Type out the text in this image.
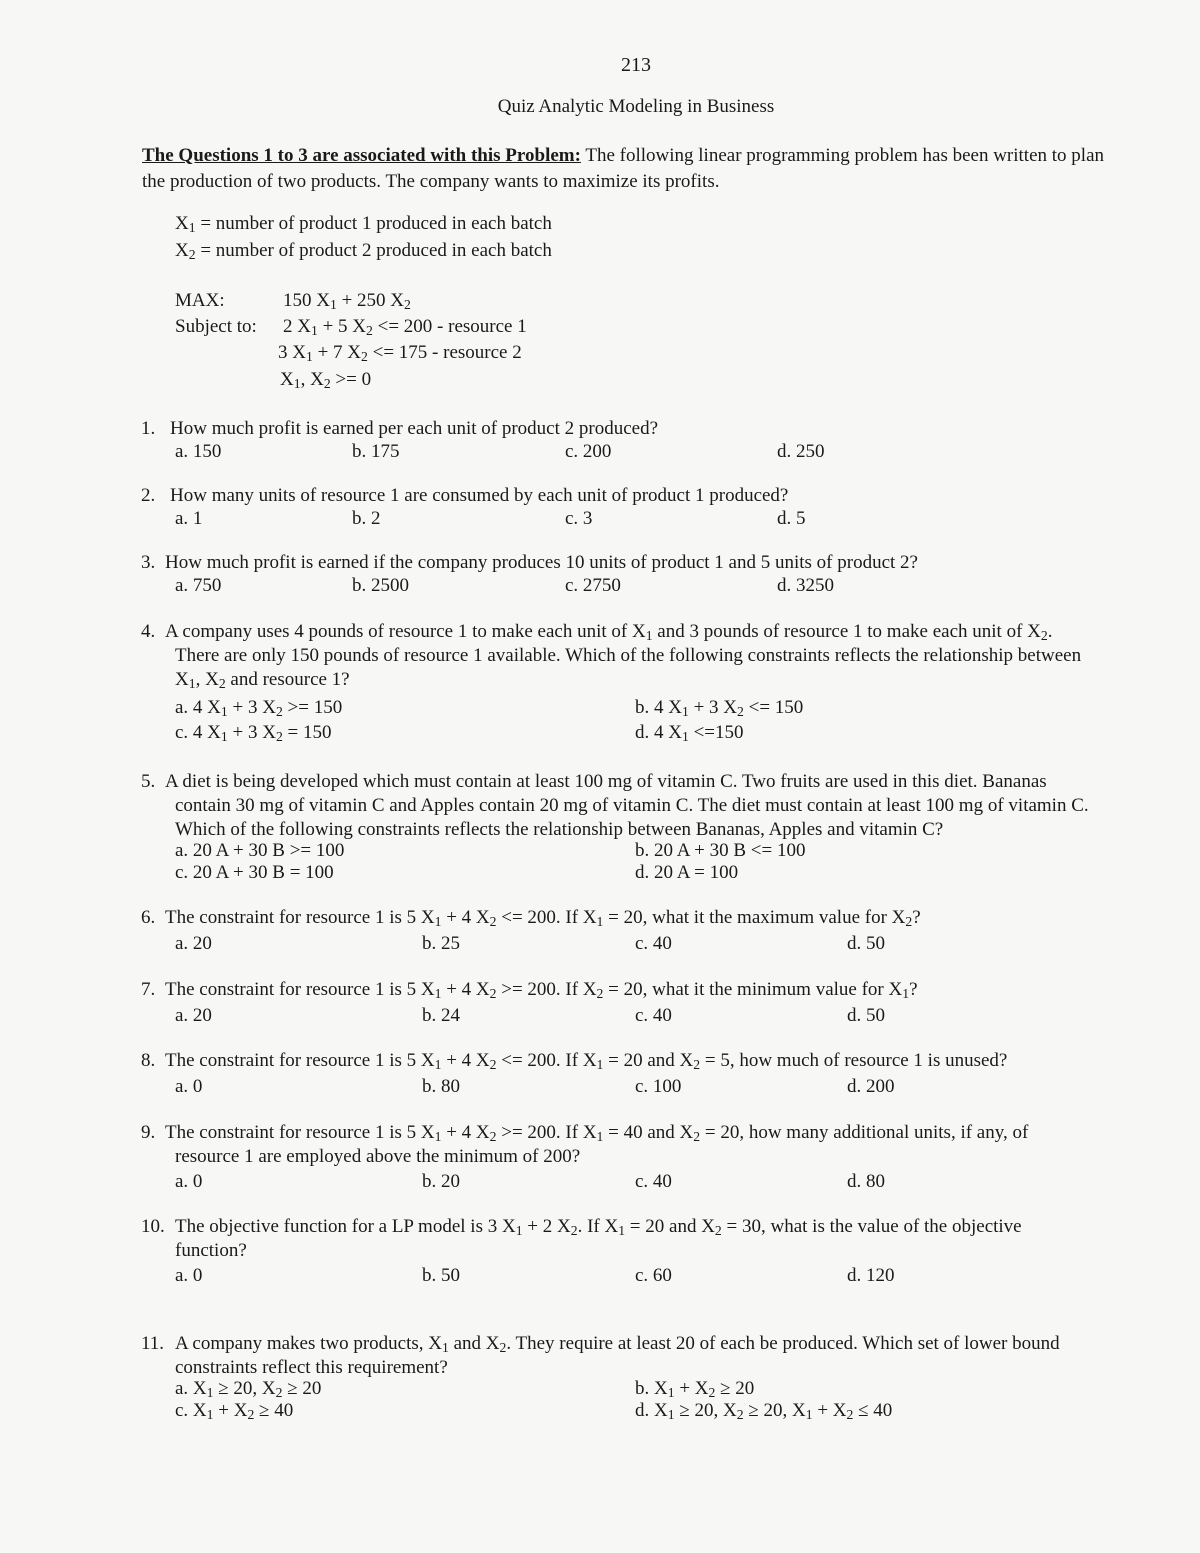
213
Quiz Analytic Modeling in Business
The Questions 1 to 3 are associated with this Problem: The following linear programming problem has been written to plan the production of two products. The company wants to maximize its profits.
$X_1$ = number of product 1 produced in each batch
$X_2$ = number of product 2 produced in each batch
MAX:	150 $X_1 + 250$ $X_2$
Subject to: 2 $X_1 + 5$ $X_2 <= 200$ - resource 1
3 $X_1 + 7$ $X_2 <= 175$ - resource 2
$X_1$, $X_2 >= 0$
1. How much profit is earned per each unit of product 2 produced?
a. 150	b. 175	c. 200	d. 250
2. How many units of resource 1 are consumed by each unit of product 1 produced?
a. 1	b. 2	c. 3	d. 5
3. How much profit is earned if the company produces 10 units of product 1 and 5 units of product 2?
a. 750	b. 2500	c. 2750	d. 3250
4. A company uses 4 pounds of resource 1 to make each unit of $X_1$ and 3 pounds of resource 1 to make each unit of $X_2$.
There are only 150 pounds of resource 1 available. Which of the following constraints reflects the relationship between
$X_1$, $X_2$ and resource 1?
a. 4 $X_1 + 3$ $X_2 >= 150$	b. 4 $X_1 + 3$ $X_2 <= 150$
c. 4 $X_1 + 3$ $X_2 = 150$	d. 4 $X_1 <=150$
5. A diet is being developed which must contain at least 100 mg of vitamin C. Two fruits are used in this diet. Bananas
contain 30 mg of vitamin C and Apples contain 20 mg of vitamin C. The diet must contain at least 100 mg of vitamin C.
Which of the following constraints reflects the relationship between Bananas, Apples and vitamin C?
a. 20 A + 30 B >= 100	b. 20 A + 30 B <= 100
c. 20 A + 30 B = 100	d. 20 A = 100
6. The constraint for resource 1 is 5 $X_1 + 4$ $X_2 <= 200$. If $X_1 = 20$, what it the maximum value for $X_2$?
a. 20	b. 25	c. 40	d. 50
7. The constraint for resource 1 is 5 $X_1 + 4$ $X_2 >= 200$. If $X_2 = 20$, what it the minimum value for $X_1$?
a. 20	b. 24	c. 40	d. 50
8. The constraint for resource 1 is 5 $X_1 + 4$ $X_2 <= 200$. If $X_1 = 20$ and $X_2 = 5$, how much of resource 1 is unused?
a. 0	b. 80	c. 100	d. 200
9. The constraint for resource 1 is 5 $X_1 + 4$ $X_2 >= 200$. If $X_1 = 40$ and $X_2 = 20$, how many additional units, if any, of
resource 1 are employed above the minimum of 200?
a. 0	b. 20	c. 40	d. 80
10. The objective function for a LP model is 3 $X_1 + 2$ $X_2$. If $X_1 = 20$ and $X_2 = 30$, what is the value of the objective
function?
a. 0	b. 50	c. 60	d. 120
11. A company makes two products, $X_1$ and $X_2$. They require at least 20 of each be produced. Which set of lower bound
constraints reflect this requirement?
a. $X_1 \ge 20$, $X_2 \ge 20$	b. $X_1 + X_2 \ge 20$
c. $X_1 + X_2 \ge 40$	d. $X_1 \ge 20$, $X_2 \ge 20$, $X_1 + X_2 \le 40$
